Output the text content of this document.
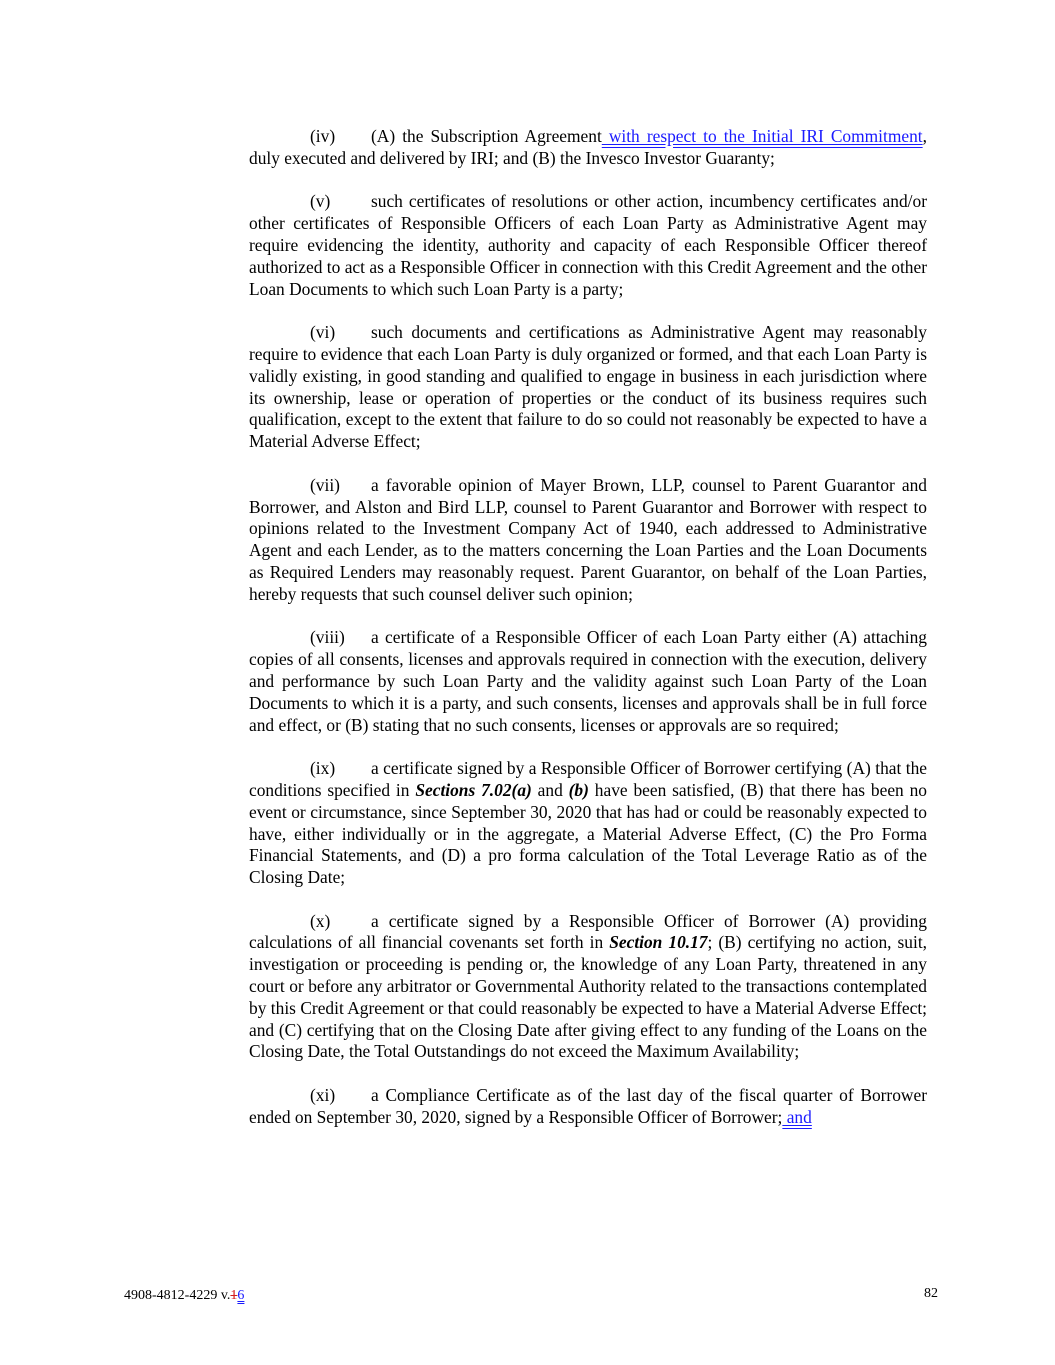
(iv) (A) the Subscription Agreement with respect to the Initial IRI Commitment, duly executed and delivered by IRI; and (B) the Invesco Investor Guaranty;

(v) such certificates of resolutions or other action, incumbency certificates and/or other certificates of Responsible Officers of each Loan Party as Administrative Agent may require evidencing the identity, authority and capacity of each Responsible Officer thereof authorized to act as a Responsible Officer in connection with this Credit Agreement and the other Loan Documents to which such Loan Party is a party;

(vi) such documents and certifications as Administrative Agent may reasonably require to evidence that each Loan Party is duly organized or formed, and that each Loan Party is validly existing, in good standing and qualified to engage in business in each jurisdiction where its ownership, lease or operation of properties or the conduct of its business requires such qualification, except to the extent that failure to do so could not reasonably be expected to have a Material Adverse Effect;

(vii) a favorable opinion of Mayer Brown, LLP, counsel to Parent Guarantor and Borrower, and Alston and Bird LLP, counsel to Parent Guarantor and Borrower with respect to opinions related to the Investment Company Act of 1940, each addressed to Administrative Agent and each Lender, as to the matters concerning the Loan Parties and the Loan Documents as Required Lenders may reasonably request. Parent Guarantor, on behalf of the Loan Parties, hereby requests that such counsel deliver such opinion;

(viii) a certificate of a Responsible Officer of each Loan Party either (A) attaching copies of all consents, licenses and approvals required in connection with the execution, delivery and performance by such Loan Party and the validity against such Loan Party of the Loan Documents to which it is a party, and such consents, licenses and approvals shall be in full force and effect, or (B) stating that no such consents, licenses or approvals are so required;

(ix) a certificate signed by a Responsible Officer of Borrower certifying (A) that the conditions specified in Sections 7.02(a) and (b) have been satisfied, (B) that there has been no event or circumstance, since September 30, 2020 that has had or could be reasonably expected to have, either individually or in the aggregate, a Material Adverse Effect, (C) the Pro Forma Financial Statements, and (D) a pro forma calculation of the Total Leverage Ratio as of the Closing Date;

(x) a certificate signed by a Responsible Officer of Borrower (A) providing calculations of all financial covenants set forth in Section 10.17; (B) certifying no action, suit, investigation or proceeding is pending or, the knowledge of any Loan Party, threatened in any court or before any arbitrator or Governmental Authority related to the transactions contemplated by this Credit Agreement or that could reasonably be expected to have a Material Adverse Effect; and (C) certifying that on the Closing Date after giving effect to any funding of the Loans on the Closing Date, the Total Outstandings do not exceed the Maximum Availability;

(xi) a Compliance Certificate as of the last day of the fiscal quarter of Borrower ended on September 30, 2020, signed by a Responsible Officer of Borrower; and

4908-4812-4229 v.16	82
